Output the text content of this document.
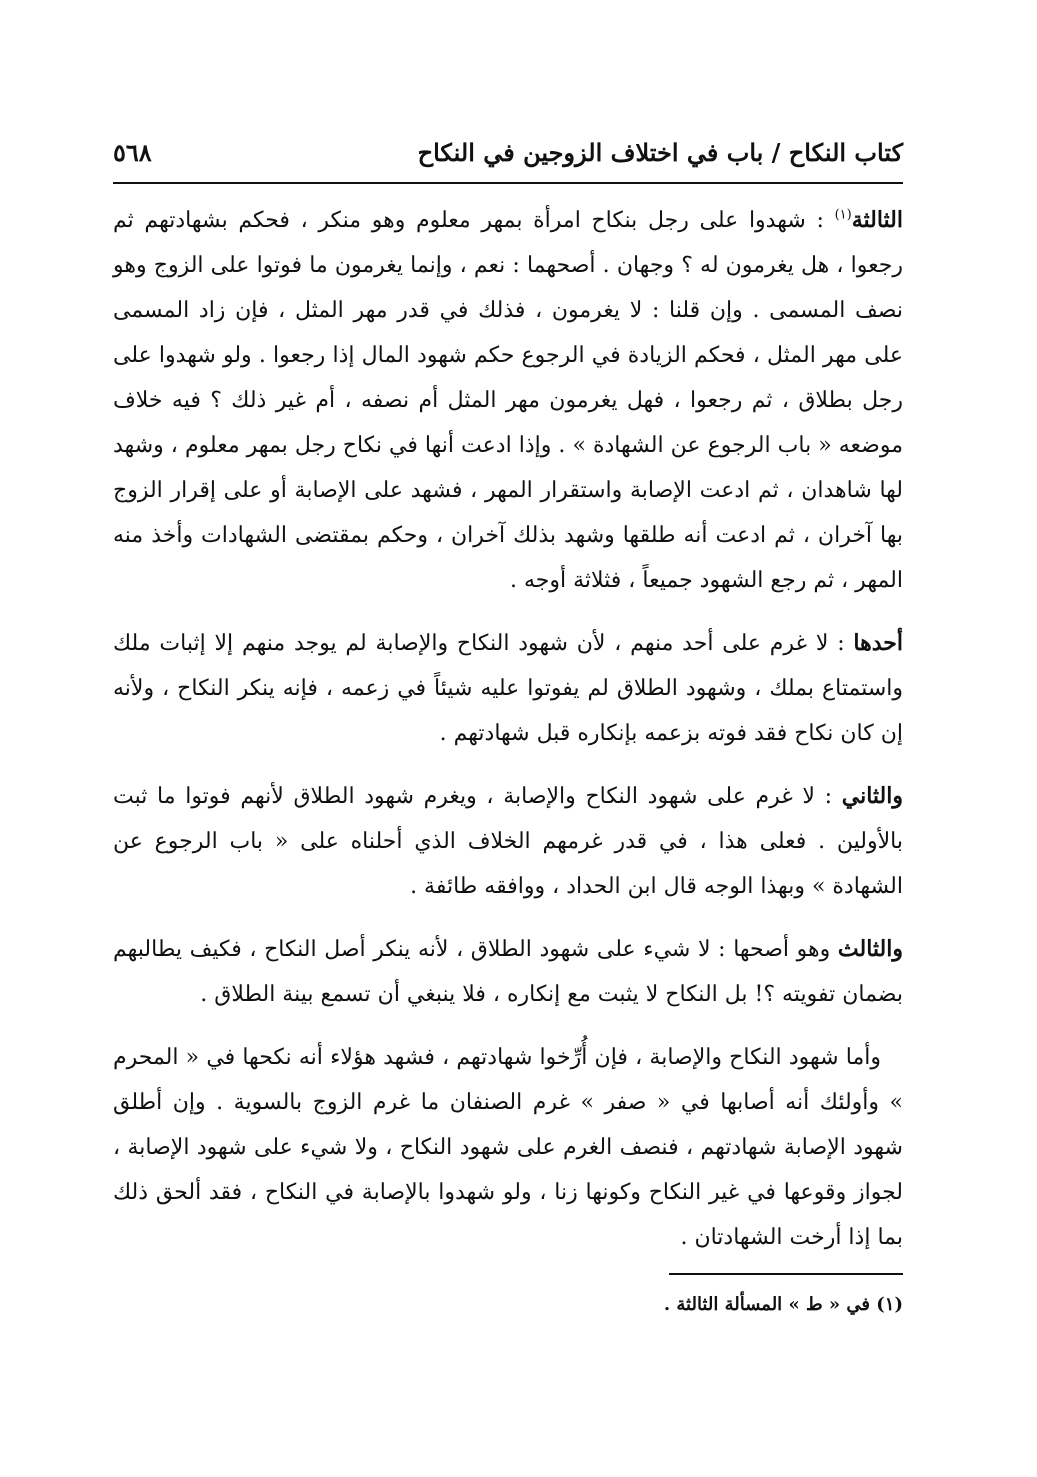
كتاب النكاح / باب في اختلاف الزوجين في النكاح
٥٦٨

الثالثة$^{(١)}$ : شهدوا على رجل بنكاح امرأة بمهر معلوم وهو منكر ، فحكم بشهادتهم ثم رجعوا ، هل يغرمون له ؟ وجهان . أصحهما : نعم ، وإنما يغرمون ما فوتوا على الزوج وهو نصف المسمى . وإن قلنا : لا يغرمون ، فذلك في قدر مهر المثل ، فإن زاد المسمى على مهر المثل ، فحكم الزيادة في الرجوع حكم شهود المال إذا رجعوا . ولو شهدوا على رجل بطلاق ، ثم رجعوا ، فهل يغرمون مهر المثل أم نصفه ، أم غير ذلك ؟ فيه خلاف موضعه « باب الرجوع عن الشهادة » . وإذا ادعت أنها في نكاح رجل بمهر معلوم ، وشهد لها شاهدان ، ثم ادعت الإصابة واستقرار المهر ، فشهد على الإصابة أو على إقرار الزوج بها آخران ، ثم ادعت أنه طلقها وشهد بذلك آخران ، وحكم بمقتضى الشهادات وأخذ منه المهر ، ثم رجع الشهود جميعاً ، فثلاثة أوجه .

أحدها : لا غرم على أحد منهم ، لأن شهود النكاح والإصابة لم يوجد منهم إلا إثبات ملك واستمتاع بملك ، وشهود الطلاق لم يفوتوا عليه شيئاً في زعمه ، فإنه ينكر النكاح ، ولأنه إن كان نكاح فقد فوته بزعمه بإنكاره قبل شهادتهم .

والثاني : لا غرم على شهود النكاح والإصابة ، ويغرم شهود الطلاق لأنهم فوتوا ما ثبت بالأولين . فعلى هذا ، في قدر غرمهم الخلاف الذي أحلناه على « باب الرجوع عن الشهادة » وبهذا الوجه قال ابن الحداد ، ووافقه طائفة .

والثالث وهو أصحها : لا شيء على شهود الطلاق ، لأنه ينكر أصل النكاح ، فكيف يطالبهم بضمان تفويته ؟! بل النكاح لا يثبت مع إنكاره ، فلا ينبغي أن تسمع بينة الطلاق .

وأما شهود النكاح والإصابة ، فإن أُرِّخوا شهادتهم ، فشهد هؤلاء أنه نكحها في « المحرم » وأولئك أنه أصابها في « صفر » غرم الصنفان ما غرم الزوج بالسوية . وإن أطلق شهود الإصابة شهادتهم ، فنصف الغرم على شهود النكاح ، ولا شيء على شهود الإصابة ، لجواز وقوعها في غير النكاح وكونها زنا ، ولو شهدوا بالإصابة في النكاح ، فقد ألحق ذلك بما إذا أرخت الشهادتان .

(١) في « ط » المسألة الثالثة .
